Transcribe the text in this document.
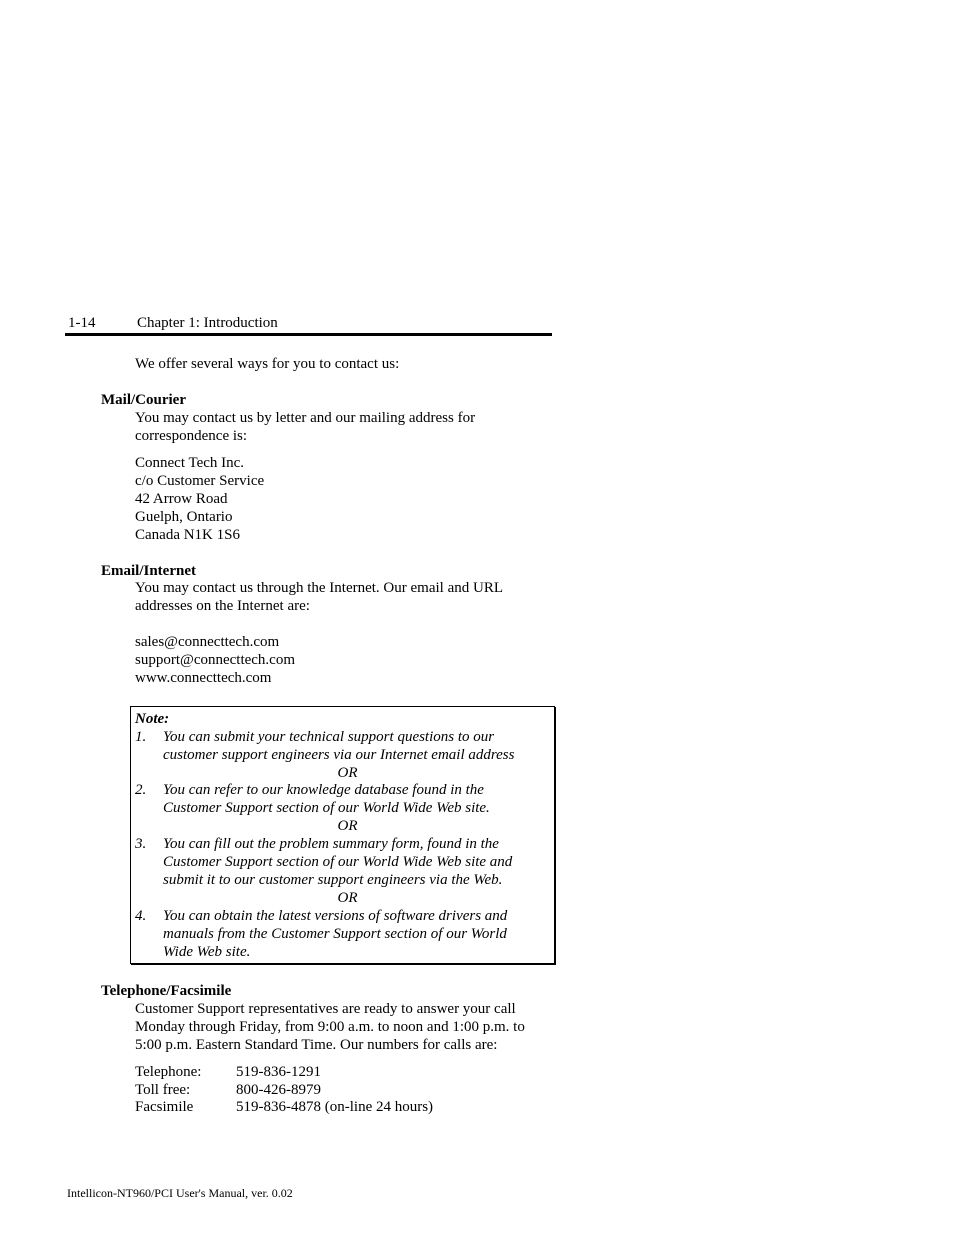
1-14	Chapter 1: Introduction
We offer several ways for you to contact us:
Mail/Courier
You may contact us by letter and our mailing address for
correspondence is:
Connect Tech Inc.
c/o Customer Service
42 Arrow Road
Guelph, Ontario
Canada N1K 1S6
Email/Internet
You may contact us through the Internet. Our email and URL
addresses on the Internet are:
sales@connecttech.com
support@connecttech.com
www.connecttech.com
Note:
1. You can submit your technical support questions to our
customer support engineers via our Internet email address
OR
2. You can refer to our knowledge database found in the
Customer Support section of our World Wide Web site.
OR
3. You can fill out the problem summary form, found in the
Customer Support section of our World Wide Web site and
submit it to our customer support engineers via the Web.
OR
4. You can obtain the latest versions of software drivers and
manuals from the Customer Support section of our World
Wide Web site.
Telephone/Facsimile
Customer Support representatives are ready to answer your call
Monday through Friday, from 9:00 a.m. to noon and 1:00 p.m. to
5:00 p.m. Eastern Standard Time. Our numbers for calls are:
Telephone: 519-836-1291
Toll free:	800-426-8979
Facsimile	519-836-4878 (on-line 24 hours)
Intellicon-NT960/PCI User's Manual, ver. 0.02
